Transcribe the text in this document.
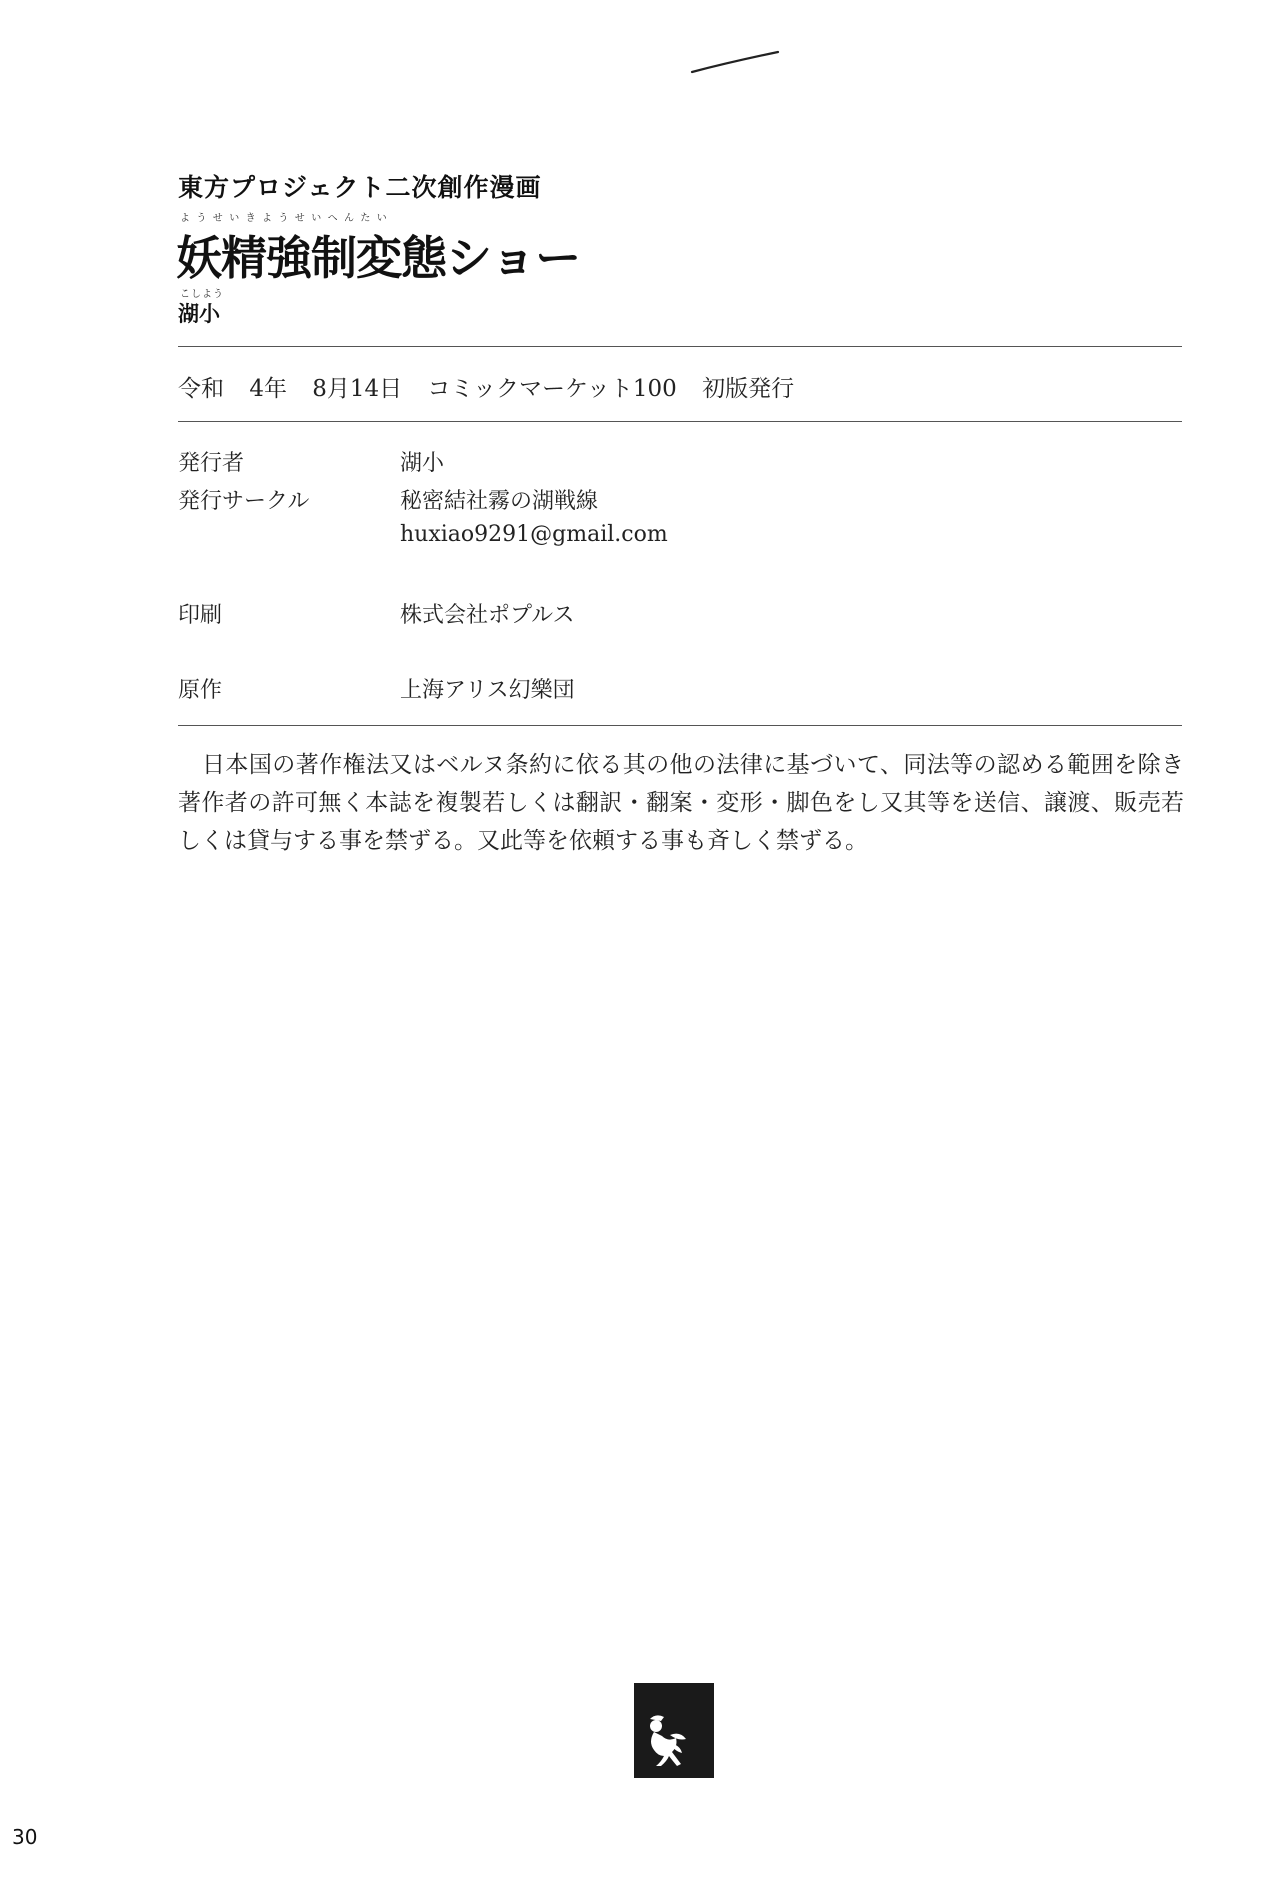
東方プロジェクト二次創作漫画
ようせいきようせいへんたい
妖精強制変態ショー
こしよう
湖小
令和 4年 8月14日 コミックマーケット100 初版発行
発行者	湖小
発行サークル	秘密結社霧の湖戦線
huxiao9291@gmail.com
印刷	株式会社ポプルス
原作	上海アリス幻樂団

日本国の著作権法又はベルヌ条約に依る其の他の法律に基づいて、同法等の認める範囲を除き著作者の許可無く本誌を複製若しくは翻訳・翻案・変形・脚色をし又其等を送信、譲渡、販売若しくは貸与する事を禁ずる。又此等を依頼する事も斉しく禁ずる。

30
